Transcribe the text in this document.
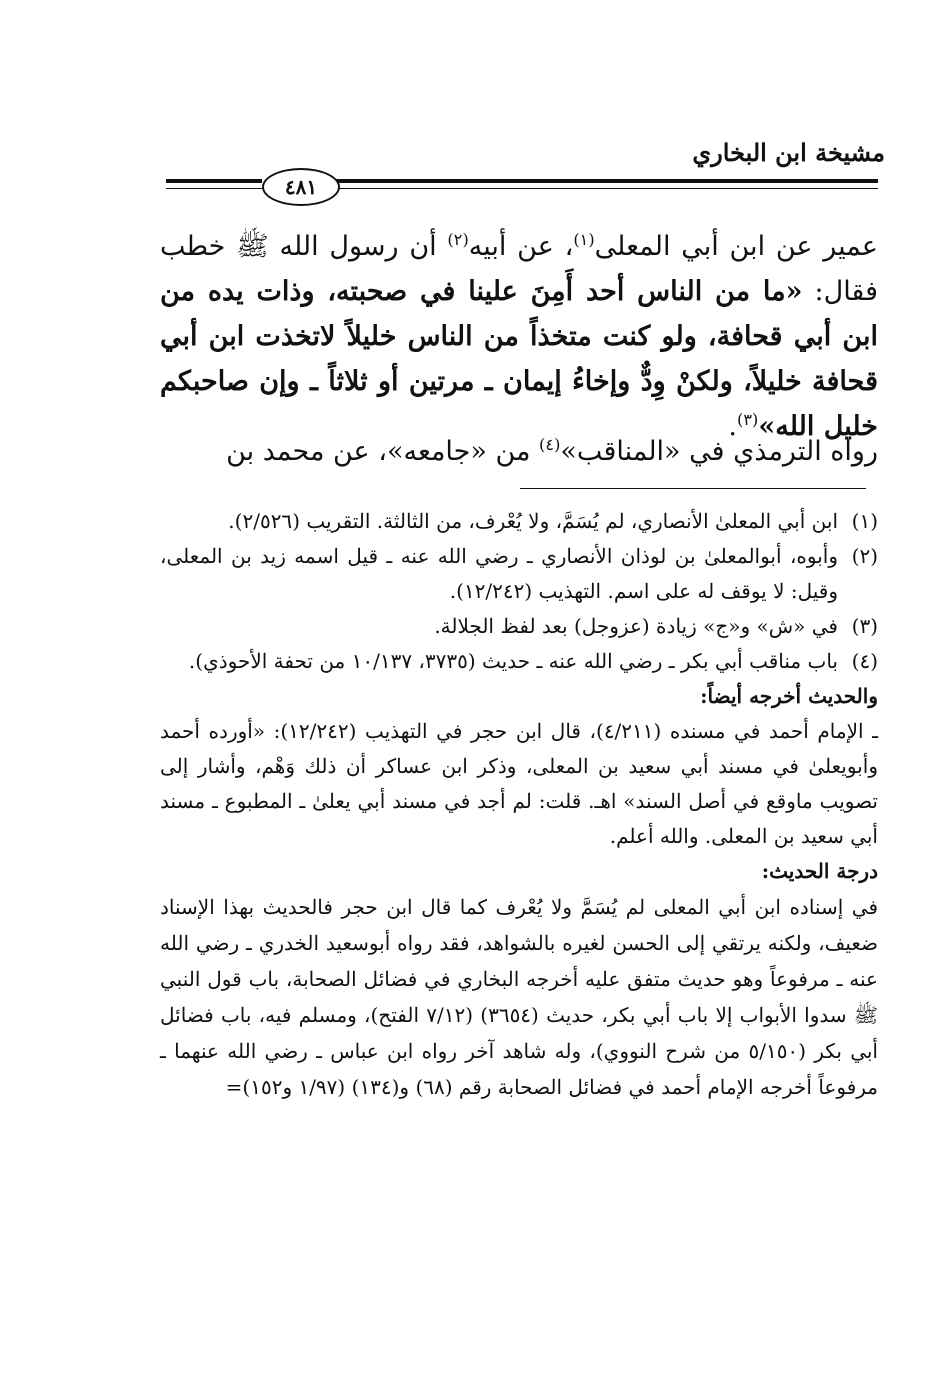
مشيخة ابن البخاري
٤٨١

عمير عن ابن أبي المعلى$^{(١)}$، عن أبيه$^{(٢)}$ أن رسول الله ﷺ خطب فقال: «ما من الناس أحد أَمِنَ علينا في صحبته، وذات يده من ابن أبي قحافة، ولو كنت متخذاً من الناس خليلاً لاتخذت ابن أبي قحافة خليلاً، ولكنْ وِدٌّ وإخاءُ إيمان ـ مرتين أو ثلاثاً ـ وإن صاحبكم خليل الله»$^{(٣)}$.

رواه الترمذي في «المناقب»$^{(٤)}$ من «جامعه»، عن محمد بن

(١)
ابن أبي المعلىٰ الأنصاري، لم يُسَمَّ، ولا يُعْرف، من الثالثة. التقريب (٢/٥٢٦).
(٢)
وأبوه، أبوالمعلىٰ بن لوذان الأنصاري ـ رضي الله عنه ـ قيل اسمه زيد بن المعلى، وقيل: لا يوقف له على اسم. التهذيب (١٢/٢٤٢).
(٣)
في «ش» و«ج» زيادة (عزوجل) بعد لفظ الجلالة.
(٤)
باب مناقب أبي بكر ـ رضي الله عنه ـ حديث (٣٧٣٥، ١٠/١٣٧ من تحفة الأحوذي).
والحديث أخرجه أيضاً:
ـ الإمام أحمد في مسنده (٤/٢١١)، قال ابن حجر في التهذيب (١٢/٢٤٢): «أورده أحمد وأبويعلىٰ في مسند أبي سعيد بن المعلى، وذكر ابن عساكر أن ذلك وَهْم، وأشار إلى تصويب ماوقع في أصل السند» اهـ. قلت: لم أجد في مسند أبي يعلىٰ ـ المطبوع ـ مسند أبي سعيد بن المعلى. والله أعلم.
درجة الحديث:
في إسناده ابن أبي المعلى لم يُسَمَّ ولا يُعْرف كما قال ابن حجر فالحديث بهذا الإسناد ضعيف، ولكنه يرتقي إلى الحسن لغيره بالشواهد، فقد رواه أبوسعيد الخدري ـ رضي الله عنه ـ مرفوعاً وهو حديث متفق عليه أخرجه البخاري في فضائل الصحابة، باب قول النبي ﷺ سدوا الأبواب إلا باب أبي بكر، حديث (٣٦٥٤) (٧/١٢ الفتح)، ومسلم فيه، باب فضائل أبي بكر (٥/١٥٠ من شرح النووي)، وله شاهد آخر رواه ابن عباس ـ رضي الله عنهما ـ مرفوعاً أخرجه الإمام أحمد في فضائل الصحابة رقم (٦٨) و(١٣٤) (١/٩٧ و١٥٢)=
